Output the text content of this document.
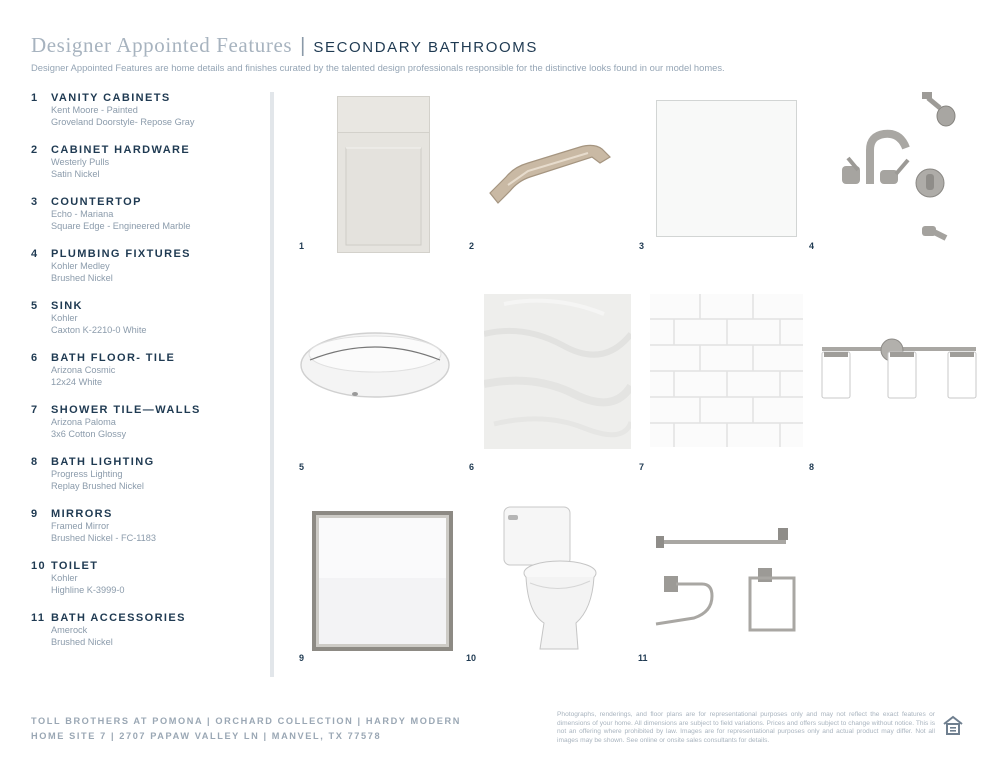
Designer Appointed Features | SECONDARY BATHROOMS
Designer Appointed Features are home details and finishes curated by the talented design professionals responsible for the distinctive looks found in our model homes.
1 VANITY CABINETS
Kent Moore - Painted
Groveland Doorstyle- Repose Gray
2 CABINET HARDWARE
Westerly Pulls
Satin Nickel
3 COUNTERTOP
Echo - Mariana
Square Edge - Engineered Marble
4 PLUMBING FIXTURES
Kohler Medley
Brushed Nickel
5 SINK
Kohler
Caxton K-2210-0 White
6 BATH FLOOR- TILE
Arizona Cosmic
12x24 White
7 SHOWER TILE—WALLS
Arizona Paloma
3x6 Cotton Glossy
8 BATH LIGHTING
Progress Lighting
Replay Brushed Nickel
9 MIRRORS
Framed Mirror
Brushed Nickel - FC-1183
10 TOILET
Kohler
Highline K-3999-0
11 BATH ACCESSORIES
Amerock
Brushed Nickel
1	2	3	4
5	6	7	8
9	10	11
TOLL BROTHERS AT POMONA | ORCHARD COLLECTION | HARDY MODERN
HOME SITE 7 | 2707 PAPAW VALLEY LN | MANVEL, TX 77578
Photographs, renderings, and floor plans are for representational purposes only and may not reflect the exact features or dimensions of your home. All dimensions are subject to field variations. Prices and offers subject to change without notice. This is not an offering where prohibited by law. Images are for representational purposes only and actual product may differ. Not all images may be shown. See online or onsite sales consultants for details.
